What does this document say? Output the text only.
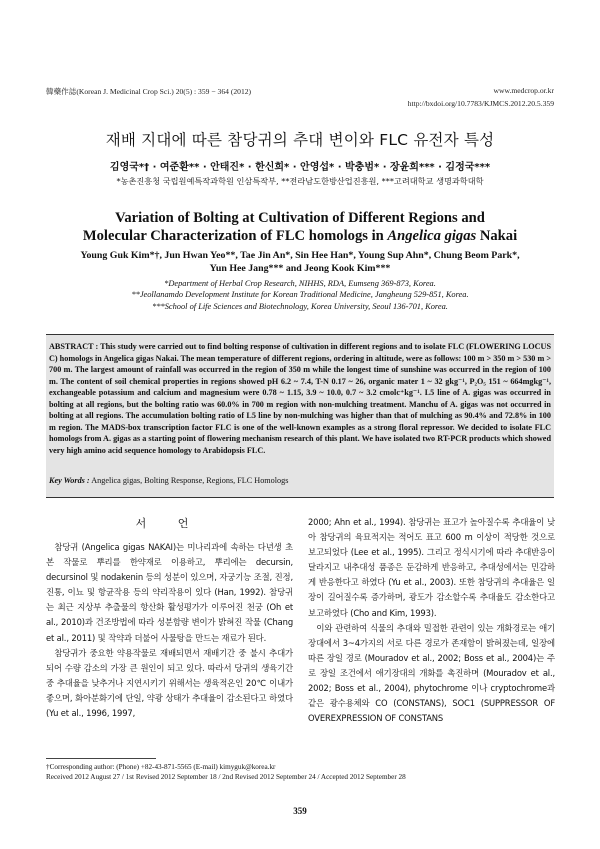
韓藥作誌(Korean J. Medicinal Crop Sci.) 20(5) : 359 − 364 (2012)	www.medcrop.or.kr
http://bxdoi.org/10.7783/KJMCS.2012.20.5.359
재배 지대에 따른 참당귀의 추대 변이와 FLC 유전자 특성
김영국*† · 여준환** · 안태진* · 한신희* · 안영섭* · 박충범* · 장윤희*** · 김정국***
*농촌진흥청 국립원예특작과학원 인삼특작부, **전라남도한방산업진흥원, ***고려대학교 생명과학대학
Variation of Bolting at Cultivation of Different Regions and
Molecular Characterization of FLC homologs in Angelica gigas Nakai
Young Guk Kim*†, Jun Hwan Yeo**, Tae Jin An*, Sin Hee Han*, Young Sup Ahn*, Chung Beom Park*,
Yun Hee Jang*** and Jeong Kook Kim***
*Department of Herbal Crop Research, NIHHS, RDA, Eumseng 369-873, Korea.
**Jeollanamdo Development Institute for Korean Traditional Medicine, Jangheung 529-851, Korea.
***School of Life Sciences and Biotechnology, Korea University, Seoul 136-701, Korea.
ABSTRACT : This study were carried out to find bolting response of cultivation in different regions and to isolate FLC (FLOWERING LOCUS C) homologs in Angelica gigas Nakai. The mean temperature of different regions, ordering in altitude, were as follows: 100 m > 350 m > 530 m > 700 m. The largest amount of rainfall was occurred in the region of 350 m while the longest time of sunshine was occurred in the region of 100 m. The content of soil chemical properties in regions showed pH 6.2 ~ 7.4, T-N 0.17 ~ 26, organic mater 1 ~ 32 gkg⁻¹, P₂O₅ 151 ~ 664mgkg⁻¹, exchangeable potassium and calcium and magnesium were 0.78 ~ 1.15, 3.9 ~ 10.0, 0.7 ~ 3.2 cmolc⁺kg⁻¹. L5 line of A. gigas was occurred in bolting at all regions, but the bolting ratio was 60.0% in 700 m region with non-mulching treatment. Manchu of A. gigas was not occurred in bolting at all regions. The accumulation bolting ratio of L5 line by non-mulching was higher than that of mulching as 90.4% and 72.8% in 100 m region. The MADS-box transcription factor FLC is one of the well-known examples as a strong floral repressor. We decided to isolate FLC homologs from A. gigas as a starting point of flowering mechanism research of this plant. We have isolated two RT-PCR products which showed very high amino acid sequence homology to Arabidopsis FLC.
Key Words : Angelica gigas, Bolting Response, Regions, FLC Homologs
서 언

참당귀 (Angelica gigas NAKAI)는 미나리과에 속하는 다년생 초본 작물로 뿌리를 한약재로 이용하고, 뿌리에는 decursin, decursinol 및 nodakenin 등의 성분이 있으며, 자궁기능 조절, 진정, 진통, 이뇨 및 항균작용 등의 약리작용이 있다 (Han, 1992). 참당귀는 최근 지상부 추출물의 항산화 활성평가가 이루어진 천궁 (Oh et al., 2010)과 건조방법에 따라 성분함량 변이가 밝혀진 작물 (Chang et al., 2011) 및 작약과 더불어 사물탕을 만드는 재료가 된다.

참당귀가 중요한 약용작물로 재배되면서 재배기간 중 불시 추대가 되어 수량 감소의 가장 큰 원인이 되고 있다. 따라서 당귀의 생육기간 중 추대율을 낮추거나 지연시키기 위해서는 생육적온인 20℃ 이내가 좋으며, 화아분화기에 단일, 약광 상태가 추대율이 감소된다고 하였다 (Yu et al., 1996, 1997,

2000; Ahn et al., 1994). 참당귀는 표고가 높아질수록 추대율이 낮아 참당귀의 육묘적지는 적어도 표고 600 m 이상이 적당한 것으로 보고되었다 (Lee et al., 1995). 그리고 정식시기에 따라 추대반응이 달라지고 내추대성 품종은 둔감하게 반응하고, 추대성에서는 민감하게 반응한다고 하였다 (Yu et al., 2003). 또한 참당귀의 추대율은 일장이 길어질수록 증가하며, 광도가 감소할수록 추대율도 감소한다고 보고하였다 (Cho and Kim, 1993).

이와 관련하여 식물의 추대와 밀접한 관련이 있는 개화경로는 애기장대에서 3~4가지의 서로 다른 경로가 존재함이 밝혀졌는데, 일장에 따른 장일 경로 (Mouradov et al., 2002; Boss et al., 2004)는 주로 장일 조건에서 애기장대의 개화를 촉진하며 (Mouradov et al., 2002; Boss et al., 2004), phytochrome 이나 cryptochrome과 같은 광수용체와 CO (CONSTANS), SOC1 (SUPPRESSOR OF OVEREXPRESSION OF CONSTANS

†Corresponding author: (Phone) +82-43-871-5565 (E-mail) kimyguk@korea.kr
Received 2012 August 27 / 1st Revised 2012 September 18 / 2nd Revised 2012 September 24 / Accepted 2012 September 28
359
